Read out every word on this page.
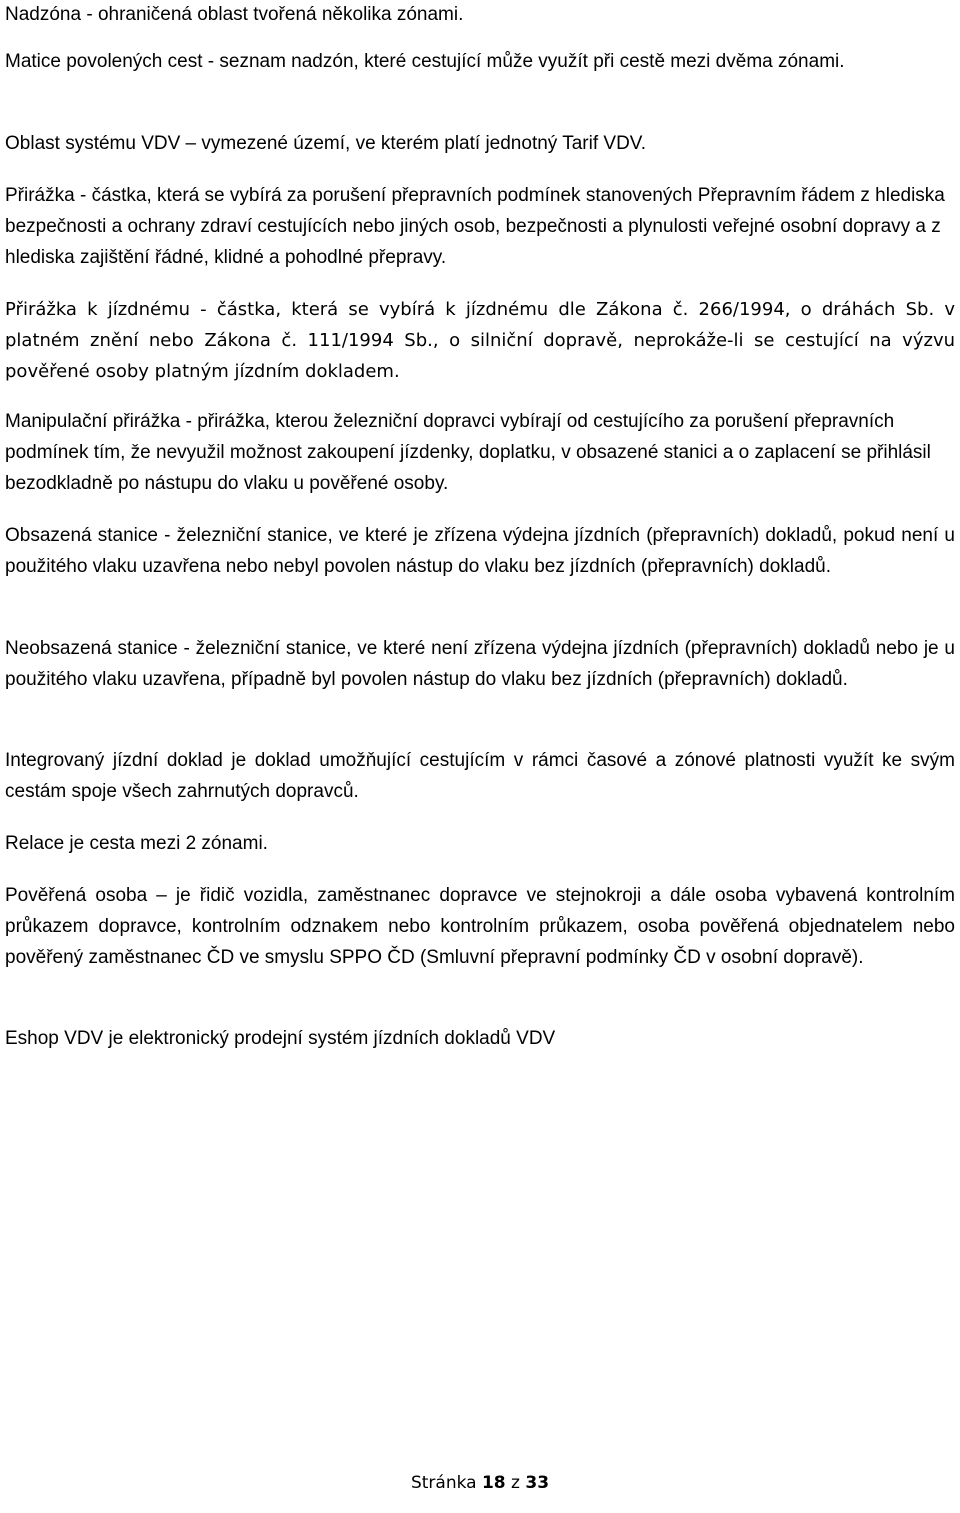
Nadzóna - ohraničená oblast tvořená několika zónami.

Matice povolených cest - seznam nadzón, které cestující může využít při cestě mezi dvěma zónami.

Oblast systému VDV – vymezené území, ve kterém platí jednotný Tarif VDV.

Přirážka - částka, která se vybírá za porušení přepravních podmínek stanovených Přepravním řádem z hlediska bezpečnosti a ochrany zdraví cestujících nebo jiných osob, bezpečnosti a plynulosti veřejné osobní dopravy a z hlediska zajištění řádné, klidné a pohodlné přepravy.

Přirážka k jízdnému - částka, která se vybírá k jízdnému dle Zákona č. 266/1994, o dráhách Sb. v platném znění nebo Zákona č. 111/1994 Sb., o silniční dopravě, neprokáže-li se cestující na výzvu pověřené osoby platným jízdním dokladem.

Manipulační přirážka - přirážka, kterou železniční dopravci vybírají od cestujícího za porušení přepravních podmínek tím, že nevyužil možnost zakoupení jízdenky, doplatku, v obsazené stanici a o zaplacení se přihlásil bezodkladně po nástupu do vlaku u pověřené osoby.

Obsazená stanice - železniční stanice, ve které je zřízena výdejna jízdních (přepravních) dokladů, pokud není u použitého vlaku uzavřena nebo nebyl povolen nástup do vlaku bez jízdních (přepravních) dokladů.

Neobsazená stanice - železniční stanice, ve které není zřízena výdejna jízdních (přepravních) dokladů nebo je u použitého vlaku uzavřena, případně byl povolen nástup do vlaku bez jízdních (přepravních) dokladů.

Integrovaný jízdní doklad je doklad umožňující cestujícím v rámci časové a zónové platnosti využít ke svým cestám spoje všech zahrnutých dopravců.

Relace je cesta mezi 2 zónami.

Pověřená osoba – je řidič vozidla, zaměstnanec dopravce ve stejnokroji a dále osoba vybavená kontrolním průkazem dopravce, kontrolním odznakem nebo kontrolním průkazem, osoba pověřená objednatelem nebo pověřený zaměstnanec ČD ve smyslu SPPO ČD (Smluvní přepravní podmínky ČD v osobní dopravě).

Eshop VDV je elektronický prodejní systém jízdních dokladů VDV

Stránka 18 z 33
